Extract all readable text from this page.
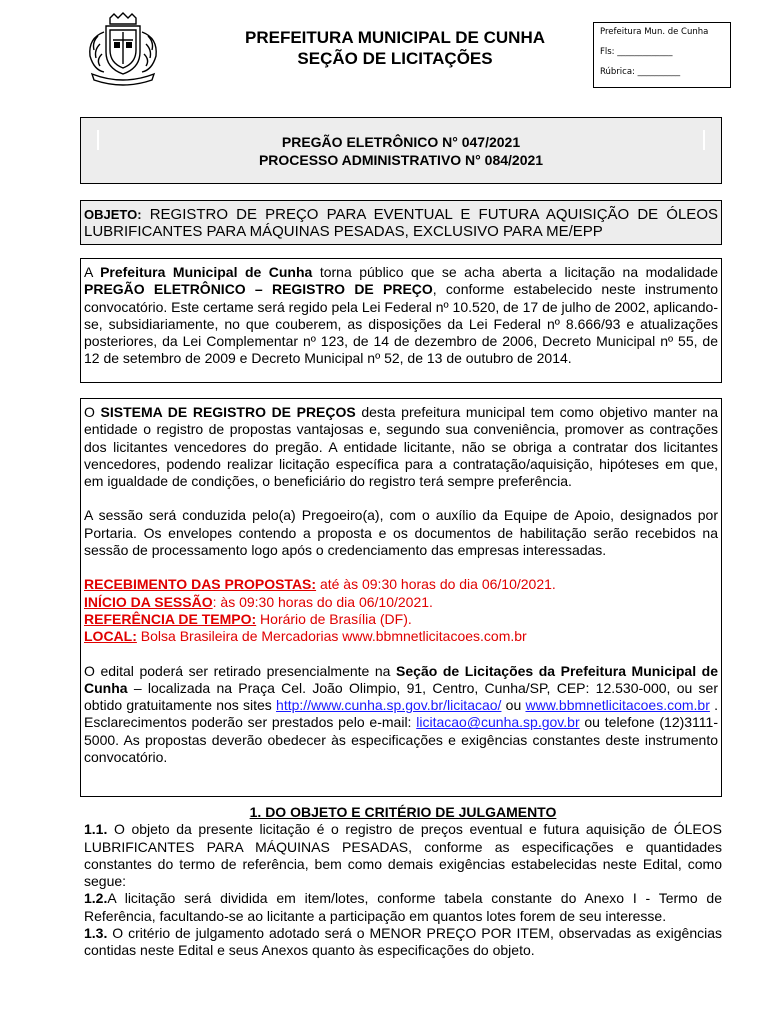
PREFEITURA MUNICIPAL DE CUNHA
SEÇÃO DE LICITAÇÕES
Prefeitura Mun. de Cunha
Fls: _____________
Rúbrica: __________
PREGÃO ELETRÔNICO N° 047/2021
PROCESSO ADMINISTRATIVO N° 084/2021
OBJETO: REGISTRO DE PREÇO PARA EVENTUAL E FUTURA AQUISIÇÃO DE ÓLEOS LUBRIFICANTES PARA MÁQUINAS PESADAS, EXCLUSIVO PARA ME/EPP
A Prefeitura Municipal de Cunha torna público que se acha aberta a licitação na modalidade PREGÃO ELETRÔNICO – REGISTRO DE PREÇO, conforme estabelecido neste instrumento convocatório. Este certame será regido pela Lei Federal nº 10.520, de 17 de julho de 2002, aplicando-se, subsidiariamente, no que couberem, as disposições da Lei Federal nº 8.666/93 e atualizações posteriores, da Lei Complementar nº 123, de 14 de dezembro de 2006, Decreto Municipal nº 55, de 12 de setembro de 2009 e Decreto Municipal nº 52, de 13 de outubro de 2014.

O SISTEMA DE REGISTRO DE PREÇOS desta prefeitura municipal tem como objetivo manter na entidade o registro de propostas vantajosas e, segundo sua conveniência, promover as contrações dos licitantes vencedores do pregão. A entidade licitante, não se obriga a contratar dos licitantes vencedores, podendo realizar licitação específica para a contratação/aquisição, hipóteses em que, em igualdade de condições, o beneficiário do registro terá sempre preferência.

A sessão será conduzida pelo(a) Pregoeiro(a), com o auxílio da Equipe de Apoio, designados por Portaria. Os envelopes contendo a proposta e os documentos de habilitação serão recebidos na sessão de processamento logo após o credenciamento das empresas interessadas.

RECEBIMENTO DAS PROPOSTAS: até às 09:30 horas do dia 06/10/2021.

INÍCIO DA SESSÃO: às 09:30 horas do dia 06/10/2021.

REFERÊNCIA DE TEMPO: Horário de Brasília (DF).

LOCAL: Bolsa Brasileira de Mercadorias www.bbmnetlicitacoes.com.br

O edital poderá ser retirado presencialmente na Seção de Licitações da Prefeitura Municipal de Cunha – localizada na Praça Cel. João Olimpio, 91, Centro, Cunha/SP, CEP: 12.530-000, ou ser obtido gratuitamente nos sites http://www.cunha.sp.gov.br/licitacao/ ou www.bbmnetlicitacoes.com.br . Esclarecimentos poderão ser prestados pelo e-mail: licitacao@cunha.sp.gov.br ou telefone (12)3111-5000. As propostas deverão obedecer às especificações e exigências constantes deste instrumento convocatório.

1. DO OBJETO E CRITÉRIO DE JULGAMENTO

1.1. O objeto da presente licitação é o registro de preços eventual e futura aquisição de ÓLEOS LUBRIFICANTES PARA MÁQUINAS PESADAS, conforme as especificações e quantidades constantes do termo de referência, bem como demais exigências estabelecidas neste Edital, como segue:

1.2.A licitação será dividida em item/lotes, conforme tabela constante do Anexo I - Termo de Referência, facultando-se ao licitante a participação em quantos lotes forem de seu interesse.

1.3. O critério de julgamento adotado será o MENOR PREÇO POR ITEM, observadas as exigências contidas neste Edital e seus Anexos quanto às especificações do objeto.
